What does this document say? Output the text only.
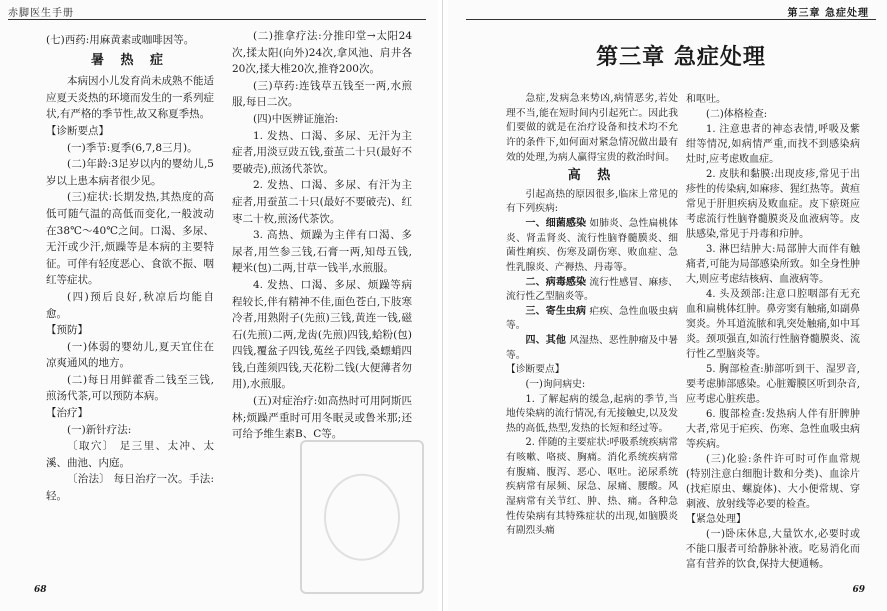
赤脚医生手册

(七)西药:用麻黄素或咖啡因等。

暑 热 症

本病因小儿发育尚未成熟不能适应夏天炎热的环境而发生的一系列症状,有严格的季节性,故又称夏季热。

【诊断要点】

(一)季节:夏季(6,7,8三月)。

(二)年龄:3足岁以内的婴幼儿,5岁以上患本病者很少见。

(三)症状:长期发热,其热度的高低可随气温的高低而变化,一般波动在38℃～40℃之间。口渴、多尿、无汗或少汗,烦躁等是本病的主要特征。可伴有轻度恶心、食欲不振、咽红等症状。

(四)预后良好,秋凉后均能自愈。

【预防】

(一)体弱的婴幼儿,夏天宜住在凉爽通风的地方。

(二)每日用鲜藿香二钱至三钱,煎汤代茶,可以预防本病。

【治疗】

(一)新针疗法:

〔取穴〕 足三里、太冲、太溪、曲池、内庭。

〔治法〕 每日治疗一次。手法:轻。

(二)推拿疗法:分推印堂→太阳24次,揉太阳(向外)24次,拿风池、肩井各20次,揉大椎20次,推脊200次。

(三)草药:连钱草五钱至一两,水煎服,每日二次。

(四)中医辨证施治:

1. 发热、口渴、多尿、无汗为主症者,用淡豆豉五钱,蚕茧二十只(最好不要破壳),煎汤代茶饮。

2. 发热、口渴、多尿、有汗为主症者,用蚕茧二十只(最好不要破壳)、红枣二十枚,煎汤代茶饮。

3. 高热、烦躁为主伴有口渴、多尿者,用竺参三钱,石膏一两,知母五钱,粳米(包)二两,甘草一钱半,水煎服。

4. 发热、口渴、多尿、烦躁等病程较长,伴有精神不佳,面色苍白,下肢寒冷者,用熟附子(先煎)三钱,黄连一钱,磁石(先煎)二两,龙齿(先煎)四钱,蛤粉(包)四钱,覆盆子四钱,菟丝子四钱,桑螵蛸四钱,白莲须四钱,天花粉二钱(大便薄者勿用),水煎服。

(五)对症治疗:如高热时可用阿斯匹林;烦躁严重时可用冬眠灵或鲁米那;还可给予维生素B、C等。

68
第三章 急症处理
第三章 急症处理

急症,发病急来势凶,病情恶劣,若处理不当,能在短时间内引起死亡。因此我们要做的就是在治疗设备和技术均不允许的条件下,如何面对紧急情况做出最有效的处理,为病人赢得宝贵的救治时间。

高 热

引起高热的原因很多,临床上常见的有下列疾病:

一、细菌感染 如肺炎、急性扁桃体炎、肾盂肾炎、流行性脑脊髓膜炎、细菌性痢疾、伤寒及副伤寒、败血症、急性乳腺炎、产褥热、丹毒等。

二、病毒感染 流行性感冒、麻疹、流行性乙型脑炎等。

三、寄生虫病 疟疾、急性血吸虫病等。

四、其他 风湿热、恶性肿瘤及中暑等。

【诊断要点】

(一)询问病史:

1. 了解起病的缓急,起病的季节,当地传染病的流行情况,有无接触史,以及发热的高低,热型,发热的长短和经过等。

2. 伴随的主要症状:呼吸系统疾病常有咳嗽、咯痰、胸痛。消化系统疾病常有腹痛、腹泻、恶心、呕吐。泌尿系统疾病常有尿频、尿急、尿痛、腰酸。风湿病常有关节红、肿、热、痛。各种急性传染病有其特殊症状的出现,如脑膜炎有剧烈头痛

和呕吐。

(二)体格检查:

1. 注意患者的神态表情,呼吸及紫绀等情况,如病情严重,而找不到感染病灶时,应考虑败血症。

2. 皮肤和黏膜:出现皮疹,常见于出疹性的传染病,如麻疹、猩红热等。黄疸常见于肝胆疾病及败血症。皮下瘀斑应考虑流行性脑脊髓膜炎及血液病等。皮肤感染,常见于丹毒和疖肿。

3. 淋巴结肿大:局部肿大而伴有触痛者,可能为局部感染所致。如全身性肿大,则应考虑结核病、血液病等。

4. 头及颈部:注意口腔咽部有无充血和扁桃体红肿。鼻旁窦有触痛,如副鼻窦炎。外耳道流脓和乳突处触痛,如中耳炎。颈项强直,如流行性脑脊髓膜炎、流行性乙型脑炎等。

5. 胸部检查:肺部听到干、湿罗音,要考虑肺部感染。心脏瓣膜区听到杂音,应考虑心脏疾患。

6. 腹部检查:发热病人伴有肝脾肿大者,常见于疟疾、伤寒、急性血吸虫病等疾病。

(三)化验:条件许可时可作血常规(特别注意白细胞计数和分类)、血涂片(找疟原虫、螺旋体)、大小便常规、穿刺液、放射线等必要的检查。

【紧急处理】

(一)卧床休息,大量饮水,必要时或不能口服者可给静脉补液。吃易消化而富有营养的饮食,保持大便通畅。

69
